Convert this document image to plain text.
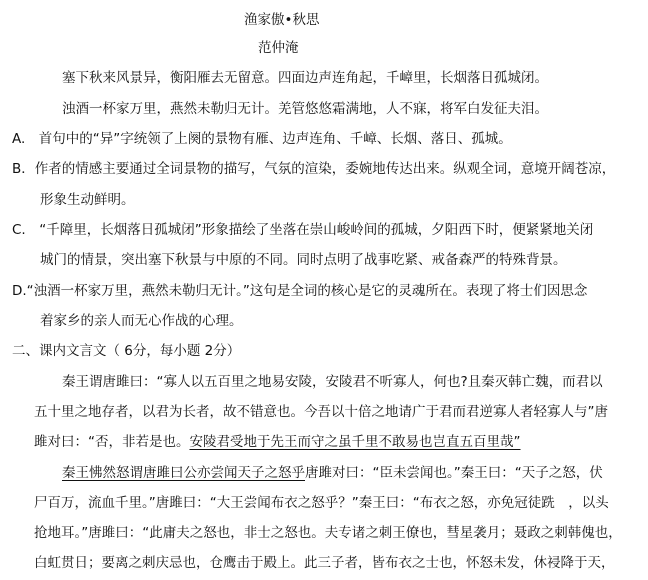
渔家傲•秋思
范仲淹
塞下秋来风景异，衡阳雁去无留意。四面边声连角起，千嶂里，长烟落日孤城闭。
浊酒一杯家万里，燕然未勒归无计。羌管悠悠霜满地，人不寐，将军白发征夫泪。
A.　首句中的“异”字统领了上阕的景物有雁、边声连角、千嶂、长烟、落日、孤城。
B．作者的情感主要通过全词景物的描写，气氛的渲染，委婉地传达出来。纵观全词，意境开阔苍凉，
形象生动鲜明。
C.　“千障里，长烟落日孤城闭”形象描绘了坐落在崇山峻岭间的孤城，夕阳西下时，便紧紧地关闭
城门的情景，突出塞下秋景与中原的不同。同时点明了战事吃紧、戒备森严的特殊背景。
D.“浊酒一杯家万里，燕然未勒归无计。”这句是全词的核心是它的灵魂所在。表现了将士们因思念
着家乡的亲人而无心作战的心理。
二、课内文言文（ 6分，每小题 2分）
秦王谓唐雎曰：“寡人以五百里之地易安陵，安陵君不听寡人，何也?且秦灭韩亡魏，而君以
五十里之地存者，以君为长者，故不错意也。今吾以十倍之地请广于君而君逆寡人者轻寡人与”唐
雎对曰：“否，非若是也。安陵君受地于先王而守之虽千里不敢易也岂直五百里哉”
秦王怫然怒谓唐雎曰公亦尝闻天子之怒乎唐雎对曰：“臣未尝闻也。”秦王曰：“天子之怒，伏
尸百万，流血千里。”唐雎曰：“大王尝闻布衣之怒乎？”秦王曰：“布衣之怒，亦免冠徒跣　，以头
抢地耳。”唐雎曰：“此庸夫之怒也，非士之怒也。夫专诸之刺王僚也，彗星袭月；聂政之刺韩傀也，
白虹贯日；要离之刺庆忌也，仓鹰击于殿上。此三子者，皆布衣之士也，怀怒未发，休祲降于天，
